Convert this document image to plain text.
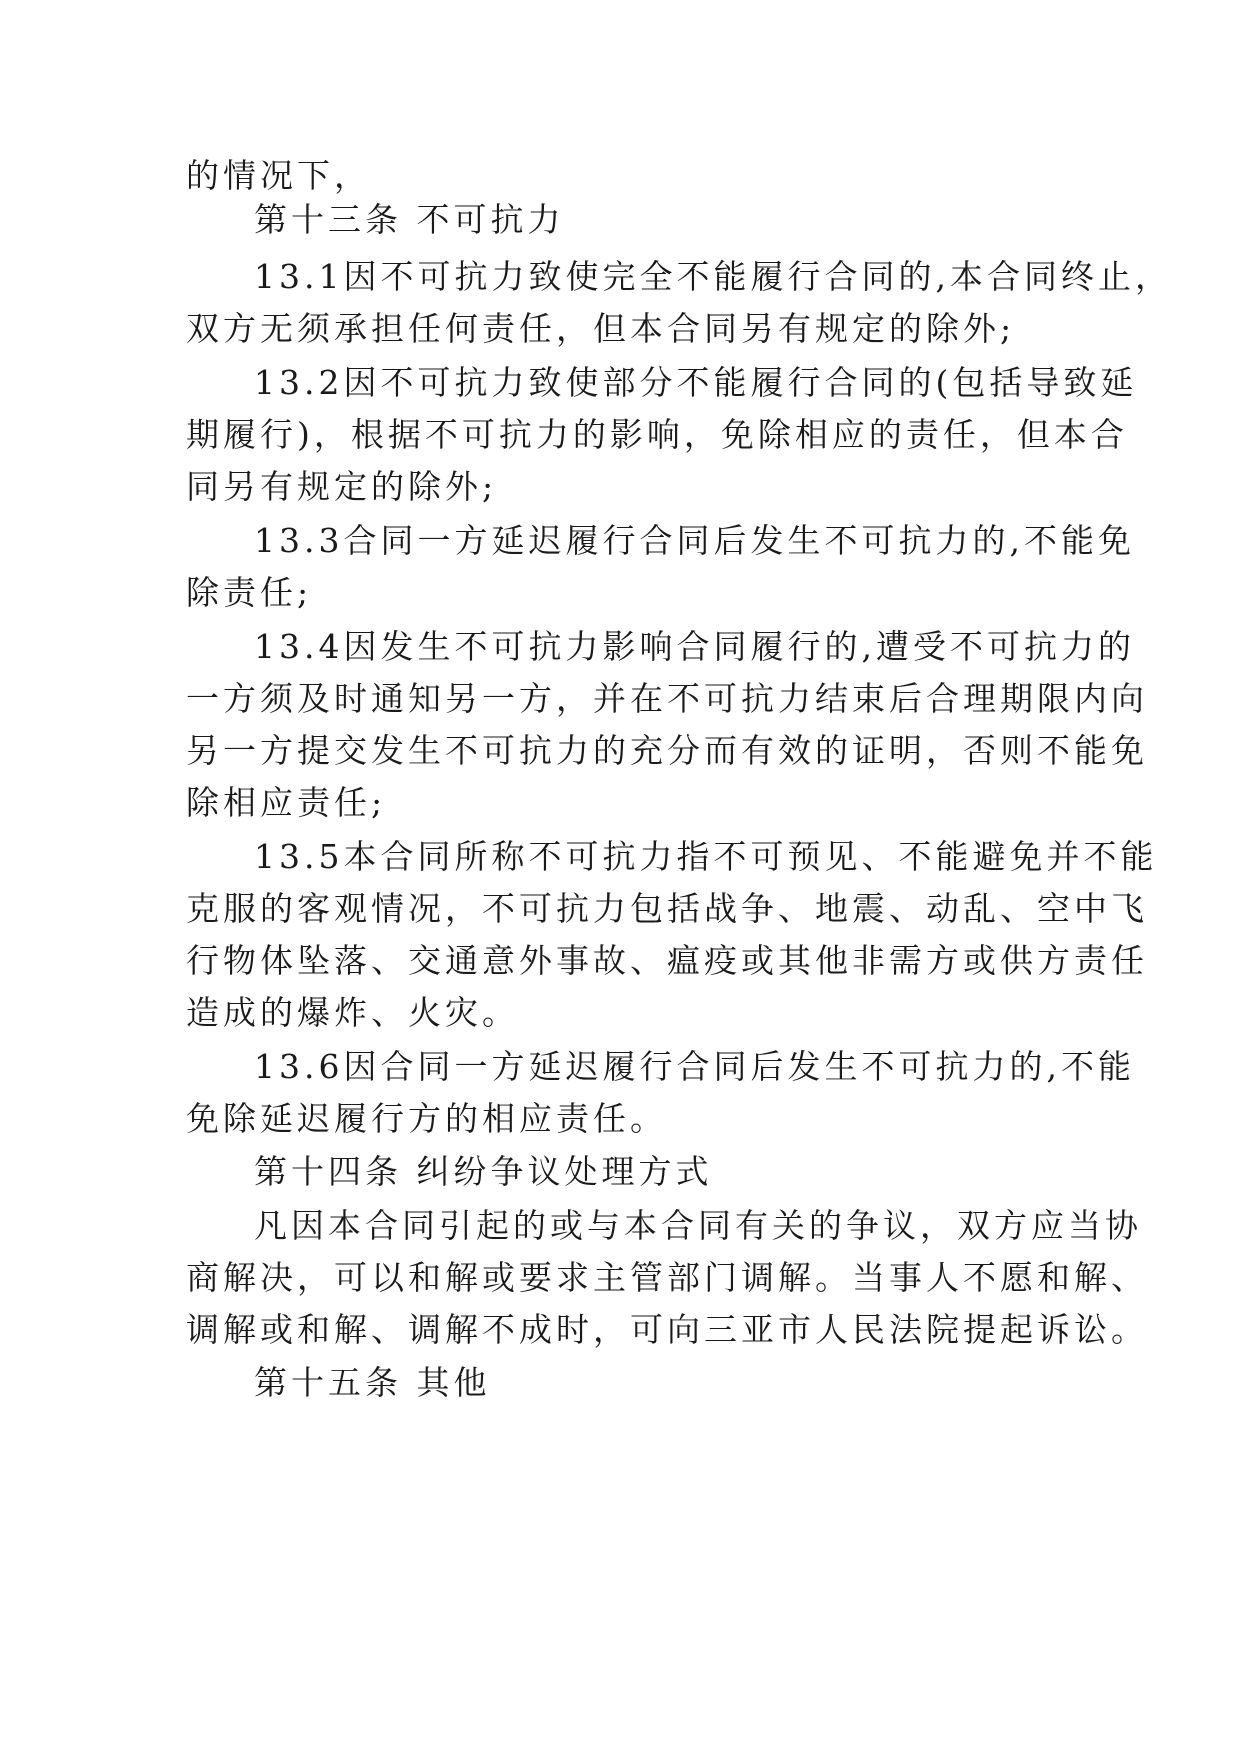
的情况下，
第十三条 不可抗力
13.1因不可抗力致使完全不能履行合同的,本合同终止，
双方无须承担任何责任，但本合同另有规定的除外;
13.2因不可抗力致使部分不能履行合同的(包括导致延
期履行)，根据不可抗力的影响，免除相应的责任，但本合
同另有规定的除外;
13.3合同一方延迟履行合同后发生不可抗力的,不能免
除责任;
13.4因发生不可抗力影响合同履行的,遭受不可抗力的
一方须及时通知另一方，并在不可抗力结束后合理期限内向
另一方提交发生不可抗力的充分而有效的证明，否则不能免
除相应责任;
13.5本合同所称不可抗力指不可预见、不能避免并不能
克服的客观情况，不可抗力包括战争、地震、动乱、空中飞
行物体坠落、交通意外事故、瘟疫或其他非需方或供方责任
造成的爆炸、火灾。
13.6因合同一方延迟履行合同后发生不可抗力的,不能
免除延迟履行方的相应责任。
第十四条 纠纷争议处理方式
凡因本合同引起的或与本合同有关的争议，双方应当协
商解决，可以和解或要求主管部门调解。当事人不愿和解、
调解或和解、调解不成时，可向三亚市人民法院提起诉讼。
第十五条 其他
